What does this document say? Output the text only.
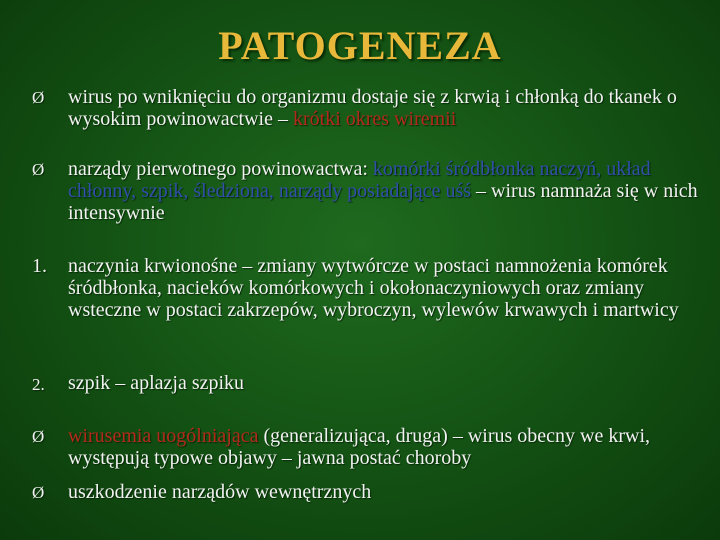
PATOGENEZA
Ø	wirus po wniknięciu do organizmu dostaje się z krwią i chłonką do tkanek o wysokim powinowactwie – krótki okres wiremii
Ø	narządy pierwotnego powinowactwa: komórki śródbłonka naczyń, układ chłonny, szpik, śledziona, narządy posiadające uśś – wirus namnaża się w nich intensywnie
1.	naczynia krwionośne – zmiany wytwórcze w postaci namnożenia komórek śródbłonka, nacieków komórkowych i okołonaczyniowych oraz zmiany wsteczne w postaci zakrzepów, wybroczyn, wylewów krwawych i martwicy
2.	szpik – aplazja szpiku
Ø	wirusemia uogólniająca (generalizująca, druga) – wirus obecny we krwi, występują typowe objawy – jawna postać choroby
Ø	uszkodzenie narządów wewnętrznych
